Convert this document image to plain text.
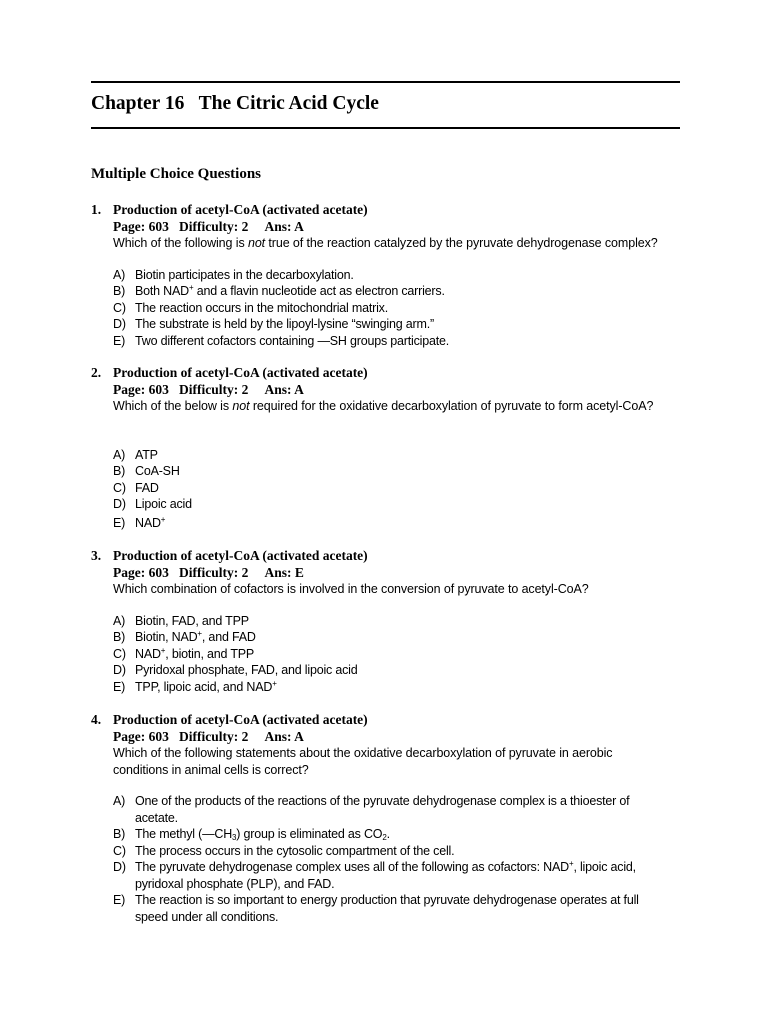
Chapter 16   The Citric Acid Cycle
Multiple Choice Questions
1. Production of acetyl-CoA (activated acetate)
Page: 603   Difficulty: 2     Ans: A
Which of the following is not true of the reaction catalyzed by the pyruvate dehydrogenase complex?
A) Biotin participates in the decarboxylation.
B) Both NAD+ and a flavin nucleotide act as electron carriers.
C) The reaction occurs in the mitochondrial matrix.
D) The substrate is held by the lipoyl-lysine “swinging arm.”
E) Two different cofactors containing —SH groups participate.
2. Production of acetyl-CoA (activated acetate)
Page: 603   Difficulty: 2     Ans: A
Which of the below is not required for the oxidative decarboxylation of pyruvate to form acetyl-CoA?
A) ATP
B) CoA-SH
C) FAD
D) Lipoic acid
E) NAD+
3. Production of acetyl-CoA (activated acetate)
Page: 603   Difficulty: 2     Ans: E
Which combination of cofactors is involved in the conversion of pyruvate to acetyl-CoA?
A) Biotin, FAD, and TPP
B) Biotin, NAD+, and FAD
C) NAD+, biotin, and TPP
D) Pyridoxal phosphate, FAD, and lipoic acid
E) TPP, lipoic acid, and NAD+
4. Production of acetyl-CoA (activated acetate)
Page: 603   Difficulty: 2     Ans: A
Which of the following statements about the oxidative decarboxylation of pyruvate in aerobic
conditions in animal cells is correct?
A) One of the products of the reactions of the pyruvate dehydrogenase complex is a thioester of
acetate.
B) The methyl $(—CH_3)$ group is eliminated as $CO_2$.
C) The process occurs in the cytosolic compartment of the cell.
D) The pyruvate dehydrogenase complex uses all of the following as cofactors: NAD+, lipoic acid,
pyridoxal phosphate (PLP), and FAD.
E) The reaction is so important to energy production that pyruvate dehydrogenase operates at full
speed under all conditions.
